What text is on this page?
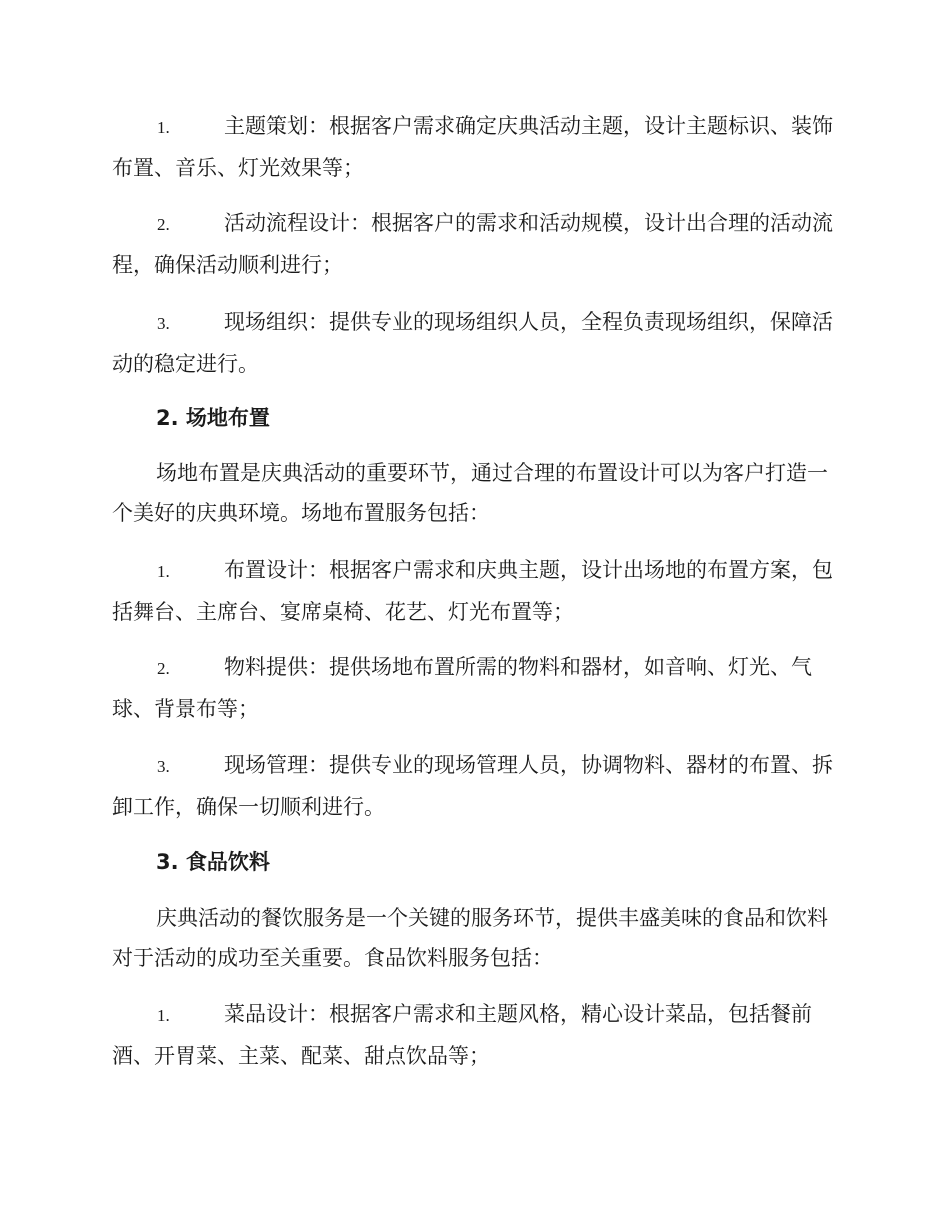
1.	主题策划：根据客户需求确定庆典活动主题，设计主题标识、装饰布置、音乐、灯光效果等；
2.	活动流程设计：根据客户的需求和活动规模，设计出合理的活动流程，确保活动顺利进行；
3.	现场组织：提供专业的现场组织人员，全程负责现场组织，保障活动的稳定进行。
2. 场地布置
场地布置是庆典活动的重要环节，通过合理的布置设计可以为客户打造一个美好的庆典环境。场地布置服务包括：
1.	布置设计：根据客户需求和庆典主题，设计出场地的布置方案，包括舞台、主席台、宴席桌椅、花艺、灯光布置等；
2.	物料提供：提供场地布置所需的物料和器材，如音响、灯光、气球、背景布等；
3.	现场管理：提供专业的现场管理人员，协调物料、器材的布置、拆卸工作，确保一切顺利进行。
3. 食品饮料
庆典活动的餐饮服务是一个关键的服务环节，提供丰盛美味的食品和饮料对于活动的成功至关重要。食品饮料服务包括：
1.	菜品设计：根据客户需求和主题风格，精心设计菜品，包括餐前酒、开胃菜、主菜、配菜、甜点饮品等；
